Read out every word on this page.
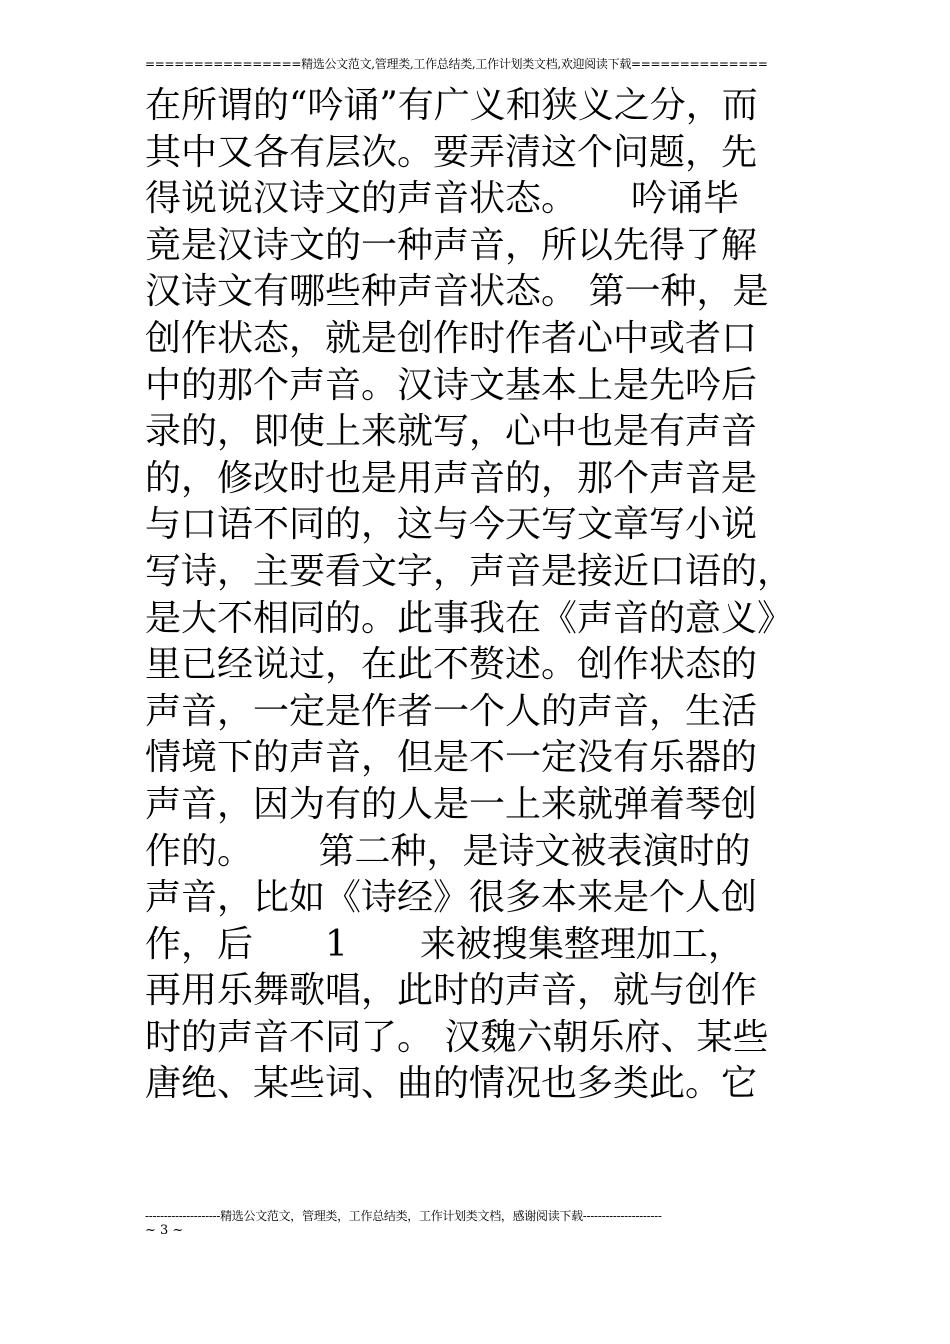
================精选公文范文,管理类,工作总结类,工作计划类文档,欢迎阅读下载==============
在所谓的“吟诵”有广义和狭义之分，而
其中又各有层次。要弄清这个问题，先
得说说汉诗文的声音状态。　　吟诵毕
竟是汉诗文的一种声音，所以先得了解
汉诗文有哪些种声音状态。 第一种，是
创作状态，就是创作时作者心中或者口
中的那个声音。汉诗文基本上是先吟后
录的，即使上来就写，心中也是有声音
的，修改时也是用声音的，那个声音是
与口语不同的，这与今天写文章写小说
写诗，主要看文字，声音是接近口语的，
是大不相同的。此事我在《声音的意义》
里已经说过，在此不赘述。创作状态的
声音，一定是作者一个人的声音，生活
情境下的声音，但是不一定没有乐器的
声音，因为有的人是一上来就弹着琴创
作的。　　 第二种，是诗文被表演时的
声音，比如《诗经》很多本来是个人创
作，后　　1　　来被搜集整理加工，
再用乐舞歌唱，此时的声音，就与创作
时的声音不同了。 汉魏六朝乐府、某些
唐绝、某些词、曲的情况也多类此。它
--------------------精选公文范文，管理类，工作总结类，工作计划类文档，感谢阅读下载---------------------
~ 3 ~
